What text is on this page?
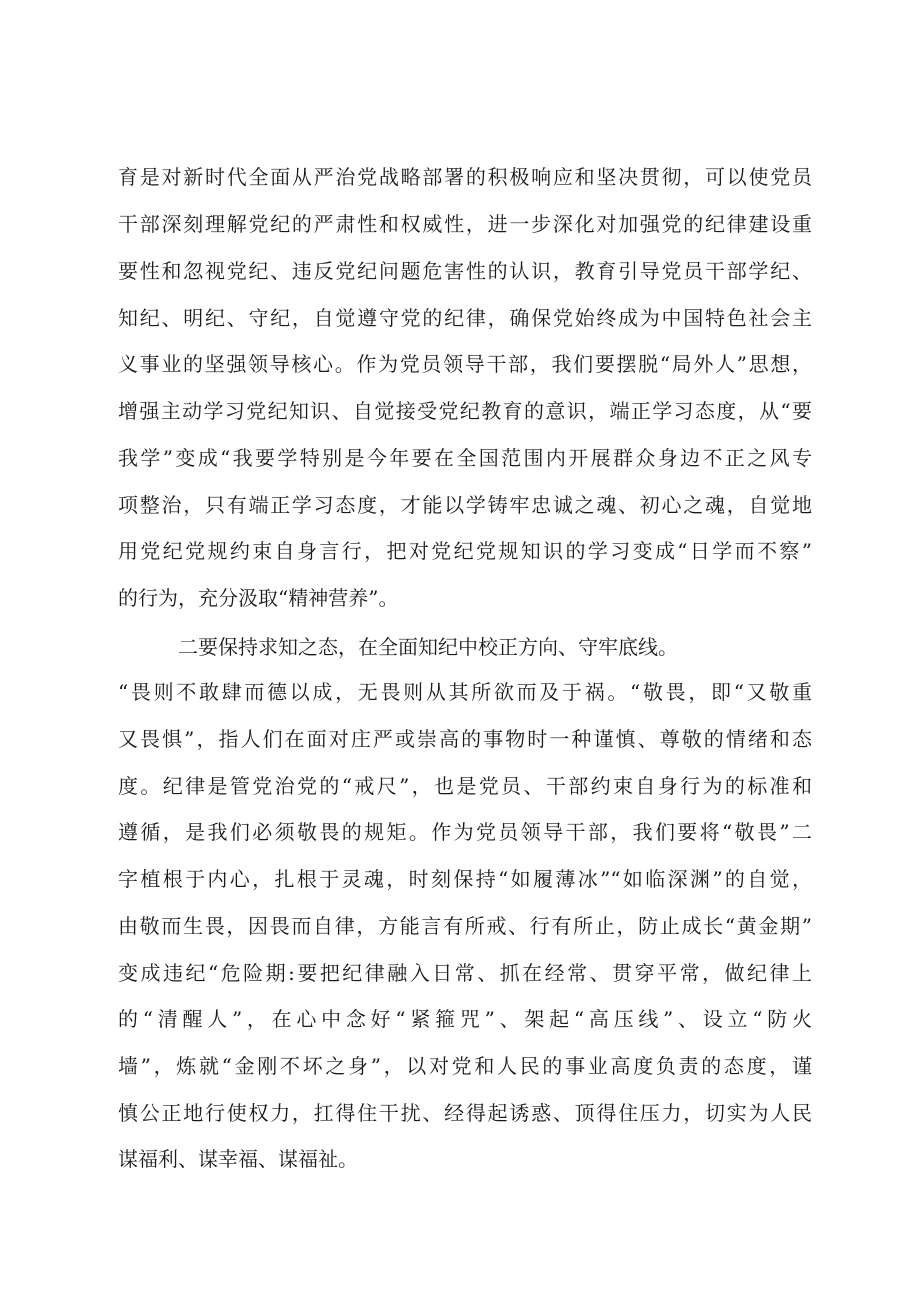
育是对新时代全面从严治党战略部署的积极响应和坚决贯彻，可以使党员

干部深刻理解党纪的严肃性和权威性，进一步深化对加强党的纪律建设重

要性和忽视党纪、违反党纪问题危害性的认识，教育引导党员干部学纪、

知纪、明纪、守纪，自觉遵守党的纪律，确保党始终成为中国特色社会主

义事业的坚强领导核心。作为党员领导干部，我们要摆脱“局外人”思想，

增强主动学习党纪知识、自觉接受党纪教育的意识，端正学习态度，从“要

我学”变成“我要学特别是今年要在全国范围内开展群众身边不正之风专

项整治，只有端正学习态度，才能以学铸牢忠诚之魂、初心之魂，自觉地

用党纪党规约束自身言行，把对党纪党规知识的学习变成“日学而不察”

的行为，充分汲取“精神营养”。

二要保持求知之态，在全面知纪中校正方向、守牢底线。

“畏则不敢肆而德以成，无畏则从其所欲而及于祸。“敬畏，即“又敬重

又畏惧”，指人们在面对庄严或崇高的事物时一种谨慎、尊敬的情绪和态

度。纪律是管党治党的“戒尺”，也是党员、干部约束自身行为的标准和

遵循，是我们必须敬畏的规矩。作为党员领导干部，我们要将“敬畏”二

字植根于内心，扎根于灵魂，时刻保持“如履薄冰”“如临深渊”的自觉，

由敬而生畏，因畏而自律，方能言有所戒、行有所止，防止成长“黄金期”

变成违纪“危险期:要把纪律融入日常、抓在经常、贯穿平常，做纪律上

的“清醒人”，在心中念好“紧箍咒”、架起“高压线”、设立“防火

墙”，炼就“金刚不坏之身”，以对党和人民的事业高度负责的态度，谨

慎公正地行使权力，扛得住干扰、经得起诱惑、顶得住压力，切实为人民

谋福利、谋幸福、谋福祉。
